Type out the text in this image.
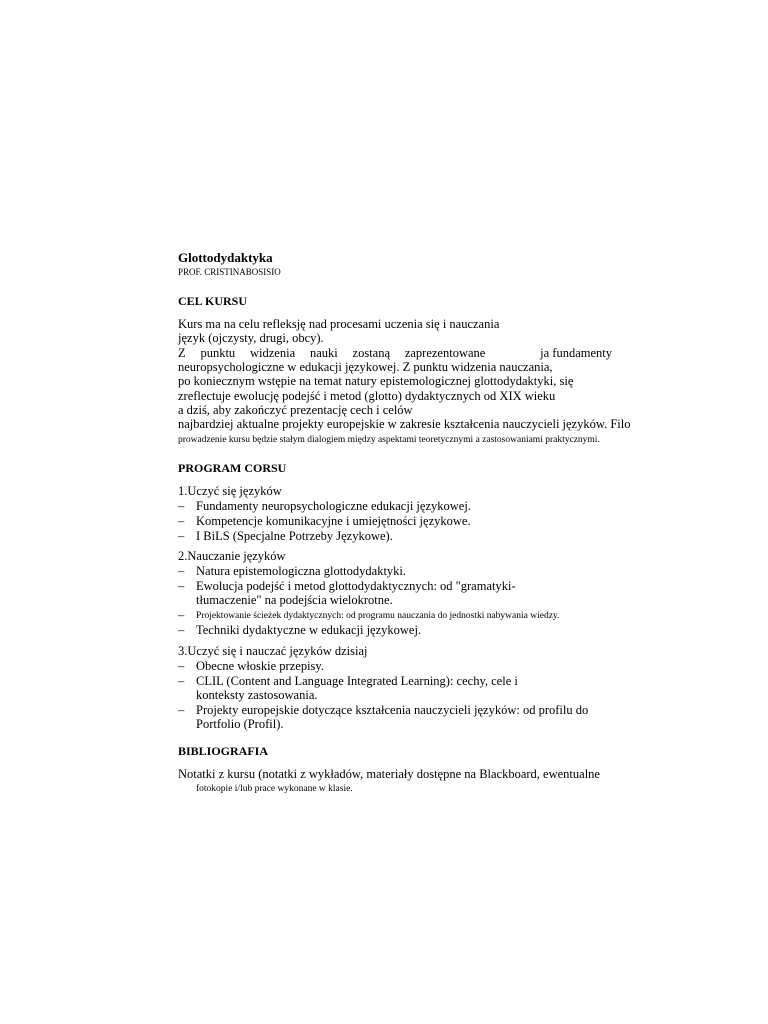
Glottodydaktyka
PROF. CRISTINABOSISIO
CEL KURSU
Kurs ma na celu refleksję nad procesami uczenia się i nauczania
język (ojczysty, drugi, obcy).
Z punktu widzenia nauki zostaną zaprezentowane	ja fundamenty
neuropsychologiczne w edukacji językowej. Z punktu widzenia nauczania,
po koniecznym wstępie na temat natury epistemologicznej glottodydaktyki, się
zreflectuje ewolucję podejść i metod (glotto) dydaktycznych od XIX wieku
a dziś, aby zakończyć prezentację cech i celów
najbardziej aktualne projekty europejskie w zakresie kształcenia nauczycieli języków. Filo
prowadzenie kursu będzie stałym dialogiem między aspektami teoretycznymi a zastosowaniami praktycznymi.
PROGRAM CORSU
1.Uczyć się języków
– Fundamenty neuropsychologiczne edukacji językowej.
– Kompetencje komunikacyjne i umiejętności językowe.
– I BiLS (Specjalne Potrzeby Językowe).
2.Nauczanie języków
– Natura epistemologiczna glottodydaktyki.
– Ewolucja podejść i metod glottodydaktycznych: od "gramatyki-
tłumaczenie" na podejścia wielokrotne.
– Projektowanie ścieżek dydaktycznych: od programu nauczania do jednostki nabywania wiedzy.
– Techniki dydaktyczne w edukacji językowej.
3.Uczyć się i nauczać języków dzisiaj
– Obecne włoskie przepisy.
– CLIL (Content and Language Integrated Learning): cechy, cele i
konteksty zastosowania.
– Projekty europejskie dotyczące kształcenia nauczycieli języków: od profilu do
Portfolio (Profil).
BIBLIOGRAFIA
Notatki z kursu (notatki z wykładów, materiały dostępne na Blackboard, ewentualne
fotokopie i/lub prace wykonane w klasie.
